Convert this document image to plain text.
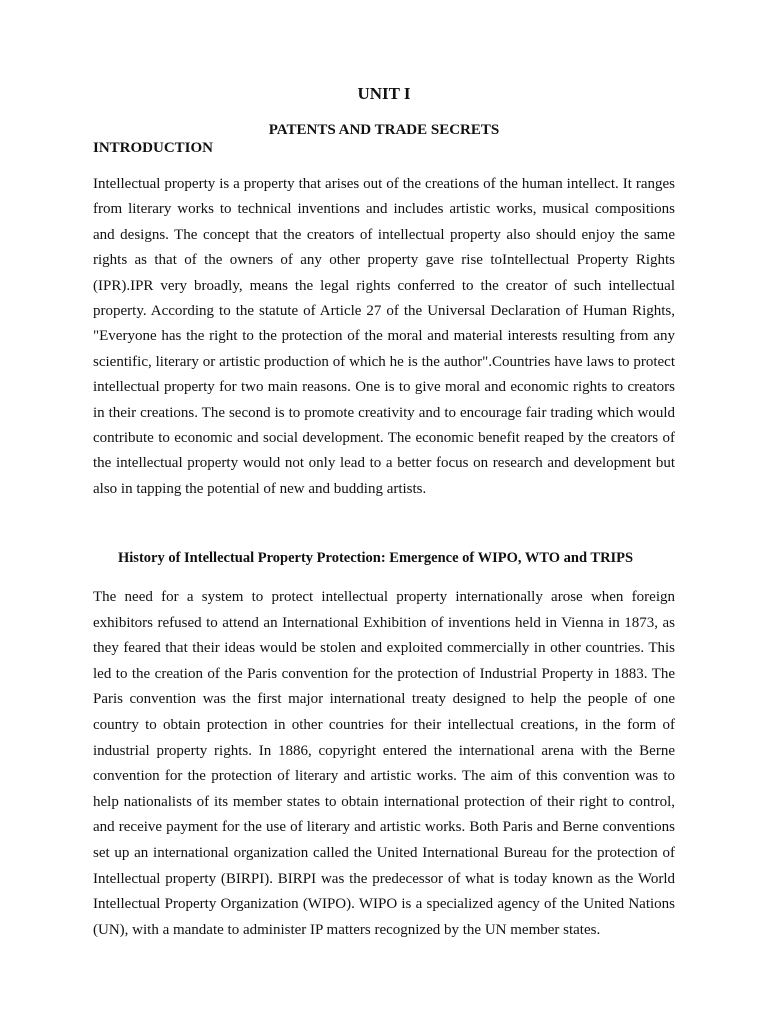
UNIT I
PATENTS AND TRADE SECRETS
INTRODUCTION

Intellectual property is a property that arises out of the creations of the human intellect. It ranges from literary works to technical inventions and includes artistic works, musical compositions and designs. The concept that the creators of intellectual property also should enjoy the same rights as that of the owners of any other property gave rise toIntellectual Property Rights (IPR).IPR very broadly, means the legal rights conferred to the creator of such intellectual property. According to the statute of Article 27 of the Universal Declaration of Human Rights, "Everyone has the right to the protection of the moral and material interests resulting from any scientific, literary or artistic production of which he is the author".Countries have laws to protect intellectual property for two main reasons. One is to give moral and economic rights to creators in their creations. The second is to promote creativity and to encourage fair trading which would contribute to economic and social development. The economic benefit reaped by the creators of the intellectual property would not only lead to a better focus on research and development but also in tapping the potential of new and budding artists.

History of Intellectual Property Protection: Emergence of WIPO, WTO and TRIPS

The need for a system to protect intellectual property internationally arose when foreign exhibitors refused to attend an International Exhibition of inventions held in Vienna in 1873, as they feared that their ideas would be stolen and exploited commercially in other countries. This led to the creation of the Paris convention for the protection of Industrial Property in 1883. The Paris convention was the first major international treaty designed to help the people of one country to obtain protection in other countries for their intellectual creations, in the form of industrial property rights. In 1886, copyright entered the international arena with the Berne convention for the protection of literary and artistic works. The aim of this convention was to help nationalists of its member states to obtain international protection of their right to control, and receive payment for the use of literary and artistic works. Both Paris and Berne conventions set up an international organization called the United International Bureau for the protection of Intellectual property (BIRPI). BIRPI was the predecessor of what is today known as the World Intellectual Property Organization (WIPO). WIPO is a specialized agency of the United Nations (UN), with a mandate to administer IP matters recognized by the UN member states.
